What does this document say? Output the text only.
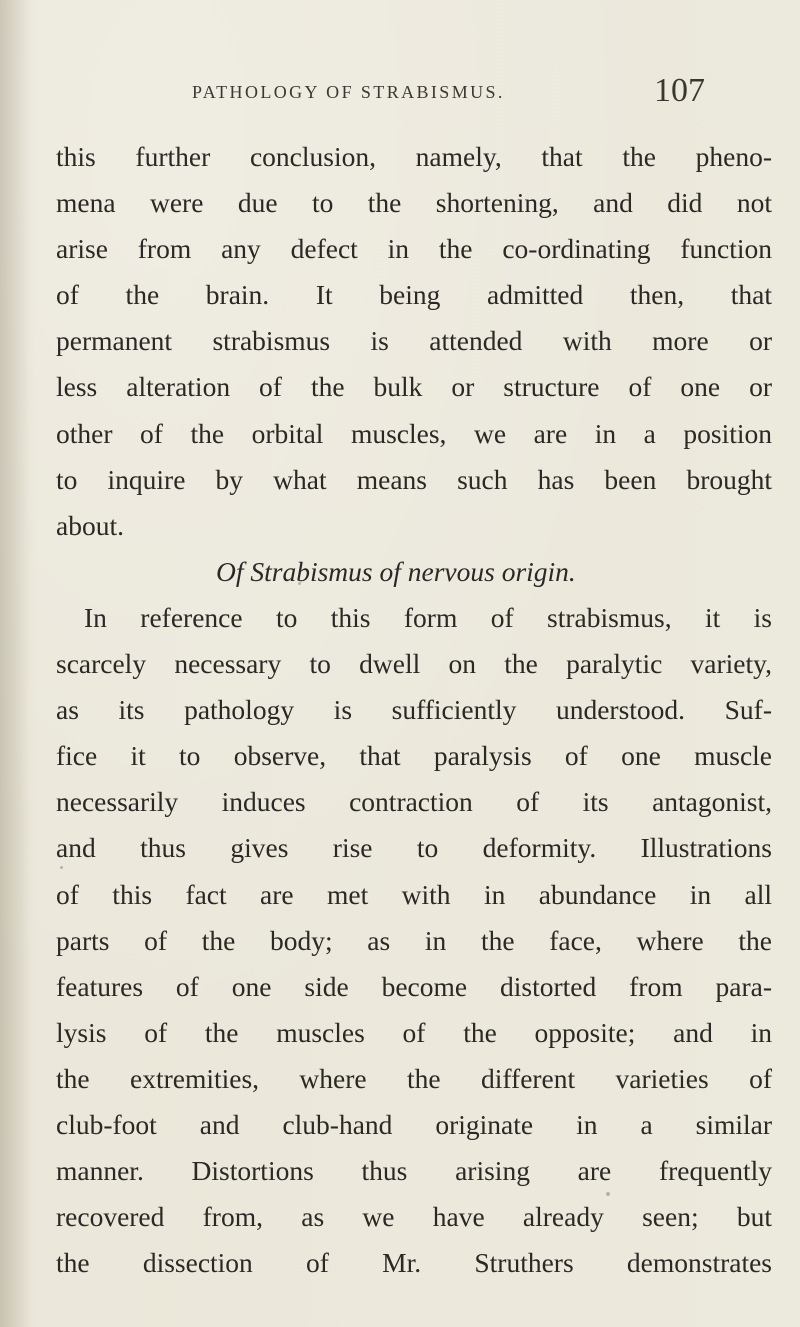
PATHOLOGY OF STRABISMUS.	107
this further conclusion, namely, that the pheno-
mena were due to the shortening, and did not
arise from any defect in the co-ordinating function
of the brain. It being admitted then, that
permanent strabismus is attended with more or
less alteration of the bulk or structure of one or
other of the orbital muscles, we are in a position
to inquire by what means such has been brought
about.
Of Strabismus of nervous origin.
In reference to this form of strabismus, it is
scarcely necessary to dwell on the paralytic variety,
as its pathology is sufficiently understood. Suf-
fice it to observe, that paralysis of one muscle
necessarily induces contraction of its antagonist,
and thus gives rise to deformity. Illustrations
of this fact are met with in abundance in all
parts of the body; as in the face, where the
features of one side become distorted from para-
lysis of the muscles of the opposite; and in
the extremities, where the different varieties of
club-foot and club-hand originate in a similar
manner. Distortions thus arising are frequently
recovered from, as we have already seen; but
the dissection of Mr. Struthers demonstrates
